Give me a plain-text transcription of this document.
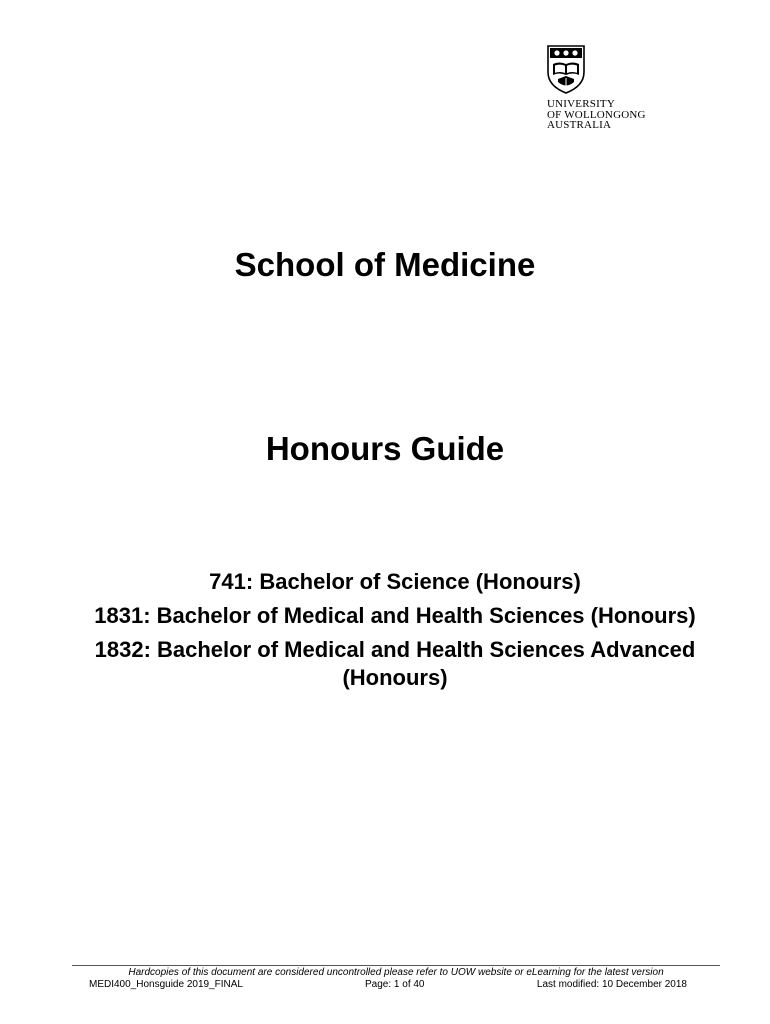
UNIVERSITY
OF WOLLONGONG
AUSTRALIA
School of Medicine
Honours Guide
741: Bachelor of Science (Honours)
1831: Bachelor of Medical and Health Sciences (Honours)
1832: Bachelor of Medical and Health Sciences Advanced (Honours)
Hardcopies of this document are considered uncontrolled please refer to UOW website or eLearning for the latest version
MEDI400_Honsguide 2019_FINAL	Page: 1 of 40	Last modified: 10 December 2018
